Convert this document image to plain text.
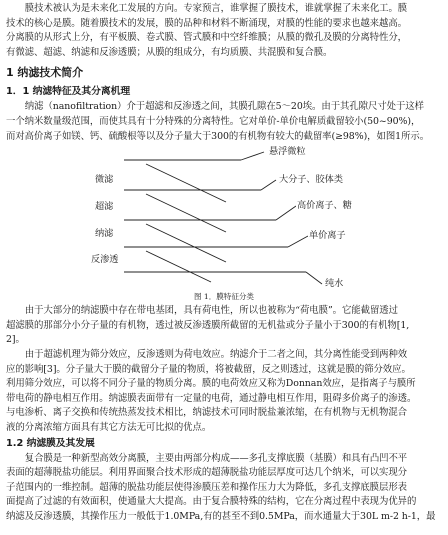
膜技术被认为是未来化工发展的方向。专家预言，谁掌握了膜技术，谁就掌握了未来化工。膜

技术的核心是膜。随着膜技术的发展，膜的品种和材料不断涌现，对膜的性能的要求也越来越高。

分离膜的从形式上分，有平板膜、卷式膜、管式膜和中空纤维膜；从膜的微孔及膜的分离特性分，

有微滤、超滤、纳滤和反渗透膜；从膜的组成分，有均质膜、共混膜和复合膜。

1 纳滤技术简介
1．1 纳滤特征及其分离机理

纳滤（nanofiltration）介于超滤和反渗透之间，其膜孔隙在5～20埃。由于其孔隙尺寸处于这样

一个纳米数量级范围，而使其具有十分特殊的分离特性。它对单价-单价电解质截留较小(50~90%)，

而对高价离子如镁、钙、硫酸根等以及分子量大于300的有机物有较大的截留率(≥98%)，如图1所示。

微滤
超滤
纳滤
反渗透
悬浮微粒
大分子、胶体类
高价离子、糖
单价离子
纯水
图 1．膜特征分类

由于大部分的纳滤膜中存在带电基团，具有荷电性，所以也被称为“荷电膜”。它能截留透过

超滤膜的那部分小分子量的有机物，透过被反渗透膜所截留的无机盐或分子量小于300的有机物[1,

2]。

由于超滤机理为筛分效应，反渗透则为荷电效应。纳滤介于二者之间，其分离性能受到两种效

应的影响[3]。分子量大于膜的截留分子量的物质，将被截留，反之则透过，这就是膜的筛分效应。

利用筛分效应，可以将不同分子量的物质分离。膜的电荷效应又称为Donnan效应，是指离子与膜所

带电荷的静电相互作用。纳滤膜表面带有一定量的电荷，通过静电相互作用，阻碍多价离子的渗透。

与电渗析、离子交换和传统热蒸发技术相比，纳滤技术可同时脱盐兼浓缩，在有机物与无机物混合

液的分离浓缩方面具有其它方法无可比拟的优点。

1.2 纳滤膜及其发展

复合膜是一种新型高效分离膜，主要由两部分构成——多孔支撑底膜（基膜）和具有凸凹不平

表面的超薄脱盐功能层。利用界面聚合技术形成的超薄脱盐功能层厚度可达几个纳米，可以实现分

子范围内的一维控制。超薄的脱盐功能层使得渗膜压差和操作压力大为降低，多孔支撑底膜层形表

面提高了过滤的有效面积，使通量大大提高。由于复合膜特殊的结构，它在分离过程中表现为优异的

纳滤及反渗透膜，其操作压力一般低于1.0MPa,有的甚至不到0.5MPa，而水通量大于30L m-2 h-1，最
